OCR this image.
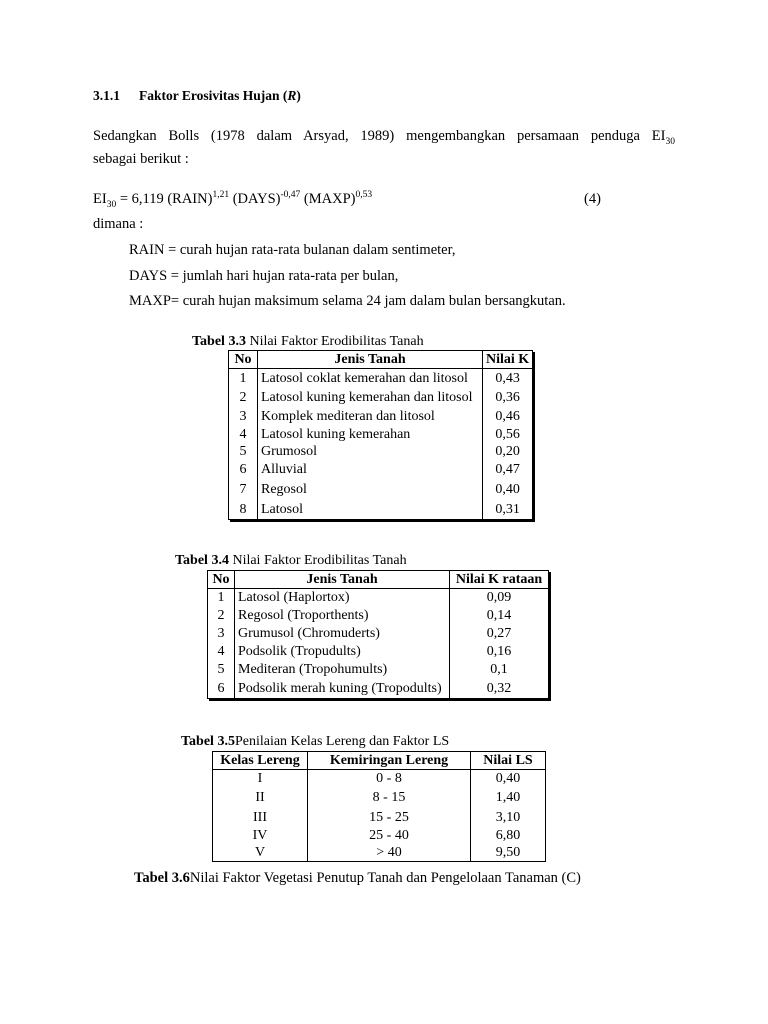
3.1.1 Faktor Erosivitas Hujan (R)
Sedangkan Bolls (1978 dalam Arsyad, 1989) mengembangkan persamaan penduga $EI_{30}$
sebagai berikut :
$EI_{30} = 6,119$ (RAIN)$^{1,21}$ (DAYS)$^{-0,47}$ (MAXP)$^{0,53}$	(4)
dimana :
RAIN = curah hujan rata-rata bulanan dalam sentimeter,
DAYS = jumlah hari hujan rata-rata per bulan,
MAXP= curah hujan maksimum selama 24 jam dalam bulan bersangkutan.
Tabel 3.3 Nilai Faktor Erodibilitas Tanah
No	Jenis Tanah	Nilai K
1	Latosol coklat kemerahan dan litosol	0,43
2	Latosol kuning kemerahan dan litosol	0,36
3	Komplek mediteran dan litosol	0,46
4	Latosol kuning kemerahan	0,56
5	Grumosol	0,20
6	Alluvial	0,47
7	Regosol	0,40
8	Latosol	0,31
Tabel 3.4 Nilai Faktor Erodibilitas Tanah
No	Jenis Tanah	Nilai K rataan
1	Latosol (Haplortox)	0,09
2	Regosol (Troporthents)	0,14
3	Grumusol (Chromuderts)	0,27
4	Podsolik (Tropudults)	0,16
5	Mediteran (Tropohumults)	0,1
6	Podsolik merah kuning (Tropodults)	0,32
Tabel 3.5Penilaian Kelas Lereng dan Faktor LS
Kelas Lereng	Kemiringan Lereng	Nilai LS
I	0 - 8	0,40
II	8 - 15	1,40
III	15 - 25	3,10
IV	25 - 40	6,80
V	> 40	9,50
Tabel 3.6Nilai Faktor Vegetasi Penutup Tanah dan Pengelolaan Tanaman (C)
